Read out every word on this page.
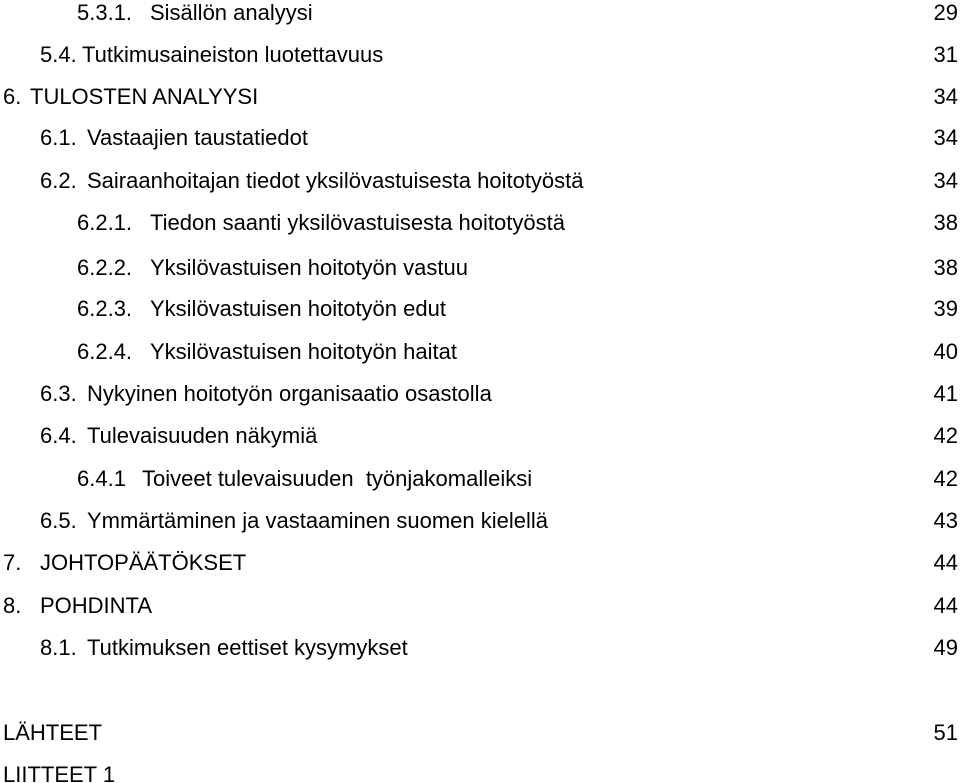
5.3.1. Sisällön analyysi	29
5.4. Tutkimusaineiston luotettavuus	31
6. TULOSTEN ANALYYSI	34
6.1. Vastaajien taustatiedot	34
6.2. Sairaanhoitajan tiedot yksilövastuisesta hoitotyöstä	34
6.2.1. Tiedon saanti yksilövastuisesta hoitotyöstä	38
6.2.2. Yksilövastuisen hoitotyön vastuu	38
6.2.3. Yksilövastuisen hoitotyön edut	39
6.2.4. Yksilövastuisen hoitotyön haitat	40
6.3. Nykyinen hoitotyön organisaatio osastolla	41
6.4. Tulevaisuuden näkymiä	42
6.4.1 Toiveet tulevaisuuden  työnjakomalleiksi	42
6.5. Ymmärtäminen ja vastaaminen suomen kielellä	43
7. JOHTOPÄÄTÖKSET	44
8. POHDINTA	44
8.1. Tutkimuksen eettiset kysymykset	49
LÄHTEET	51
LIITTEET 1
